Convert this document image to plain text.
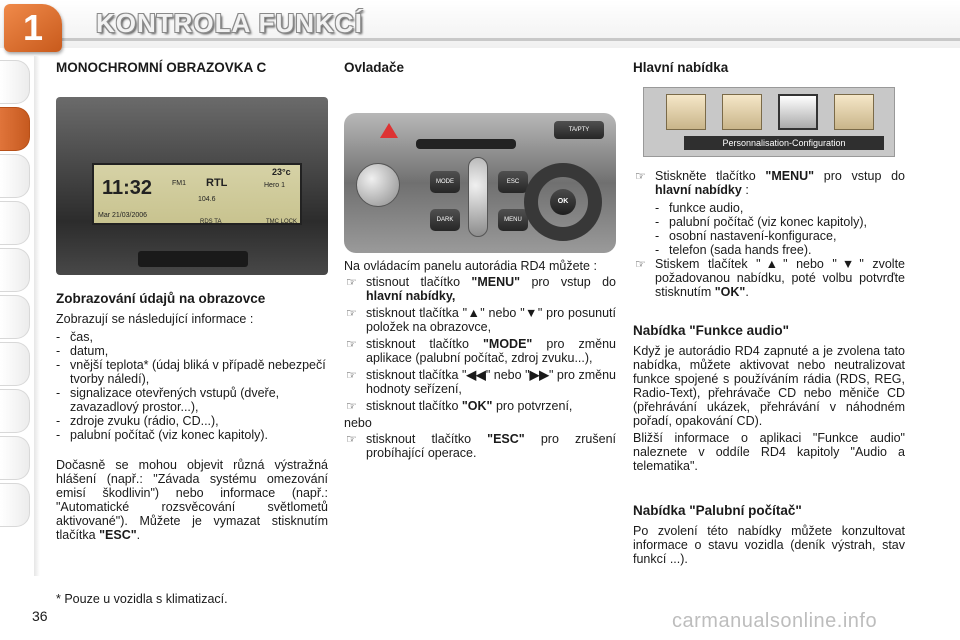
1	KONTROLA FUNKCÍ
MONOCHROMNÍ OBRAZOVKA C
11:32	FM1 RTL
104.6
23°c
Hero 1
Mar 21/03/2006
RDS TA	TMC LOCK
Zobrazování údajů na obrazovce

Zobrazují se následující informace :

- čas,
- datum,
- vnější teplota* (údaj bliká v případě nebezpečí tvorby náledí),
- signalizace otevřených vstupů (dveře, zavazadlový prostor...),
- zdroje zvuku (rádio, CD...),
- palubní počítač (viz konec kapitoly).

Dočasně se mohou objevit různá výstražná hlášení (např.: "Závada systému omezování emisí škodlivin") nebo informace (např.: "Automatické rozsvěcování světlometů aktivované"). Můžete je vymazat stisknutím tlačítka "ESC".

Ovladače
TA/PTY
MODE
DARK
ESC
MENU
OK

Na ovládacím panelu autorádia RD4 můžete :

☞ stisnout tlačítko "MENU" pro vstup do hlavní nabídky,
☞ stisknout tlačítka "▲" nebo "▼" pro posunutí položek na obrazovce,
☞ stisknout tlačítko "MODE" pro změnu aplikace (palubní počítač, zdroj zvuku...),
☞ stisknout tlačítka "◀◀" nebo "▶▶" pro změnu hodnoty seřízení,
☞ stisknout tlačítko "OK" pro potvrzení,

nebo

☞ stisknout tlačítko "ESC" pro zrušení probíhající operace.
Hlavní nabídka
Personnalisation-Configuration
☞ Stiskněte tlačítko "MENU" pro vstup do hlavní nabídky :
- funkce audio,
- palubní počítač (viz konec kapitoly),
- osobní nastavení-konfigurace,
- telefon (sada hands free).
☞ Stiskem tlačítek "▲" nebo "▼" zvolte požadovanou nabídku, poté volbu potvrďte stisknutím "OK".
Nabídka "Funkce audio"

Když je autorádio RD4 zapnuté a je zvolena tato nabídka, můžete aktivovat nebo neutralizovat funkce spojené s používáním rádia (RDS, REG, Radio-Text), přehrávače CD nebo měniče CD (přehrávání ukázek, přehrávání v náhodném pořadí, opakování CD).

Bližší informace o aplikaci "Funkce audio" naleznete v oddíle RD4 kapitoly "Audio a telematika".

Nabídka "Palubní počítač"

Po zvolení této nabídky můžete konzultovat informace o stavu vozidla (deník výstrah, stav funkcí ...).

* Pouze u vozidla s klimatizací.
36	carmanualsonline.info
